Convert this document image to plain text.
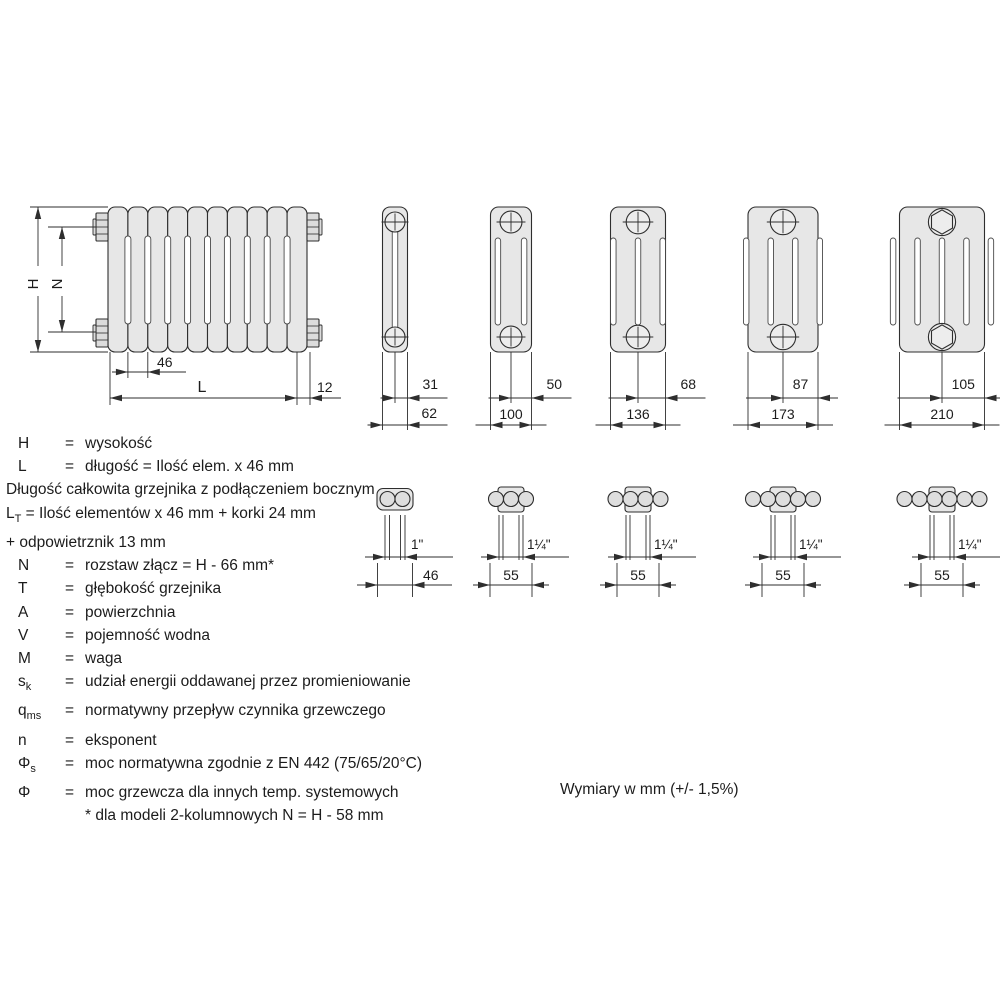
H N
46
L	12	31
62
1"
46
50
100
1¼"
55
68
136
1¼"
55
87
173
1¼"
55
105
210
1¼"
55
H = wysokość
L = długość = Ilość elem. x 46 mm
Długość całkowita grzejnika z podłączeniem bocznym
$L_T$ = Ilość elementów x 46 mm + korki 24 mm
+ odpowietrznik 13 mm
N = rozstaw złącz = H - 66 mm*
T = głębokość grzejnika
A = powierzchnia
V = pojemność wodna
M = waga
$s_k$ = udział energii oddawanej przez promieniowanie
$q_{ms}$ = normatywny przepływ czynnika grzewczego
n = eksponent
$\Phi_s$ = moc normatywna zgodnie z EN 442 (75/65/20°C)
Φ = moc grzewcza dla innych temp. systemowych
* dla modeli 2-kolumnowych N = H - 58 mm
Wymiary w mm (+/- 1,5%)
